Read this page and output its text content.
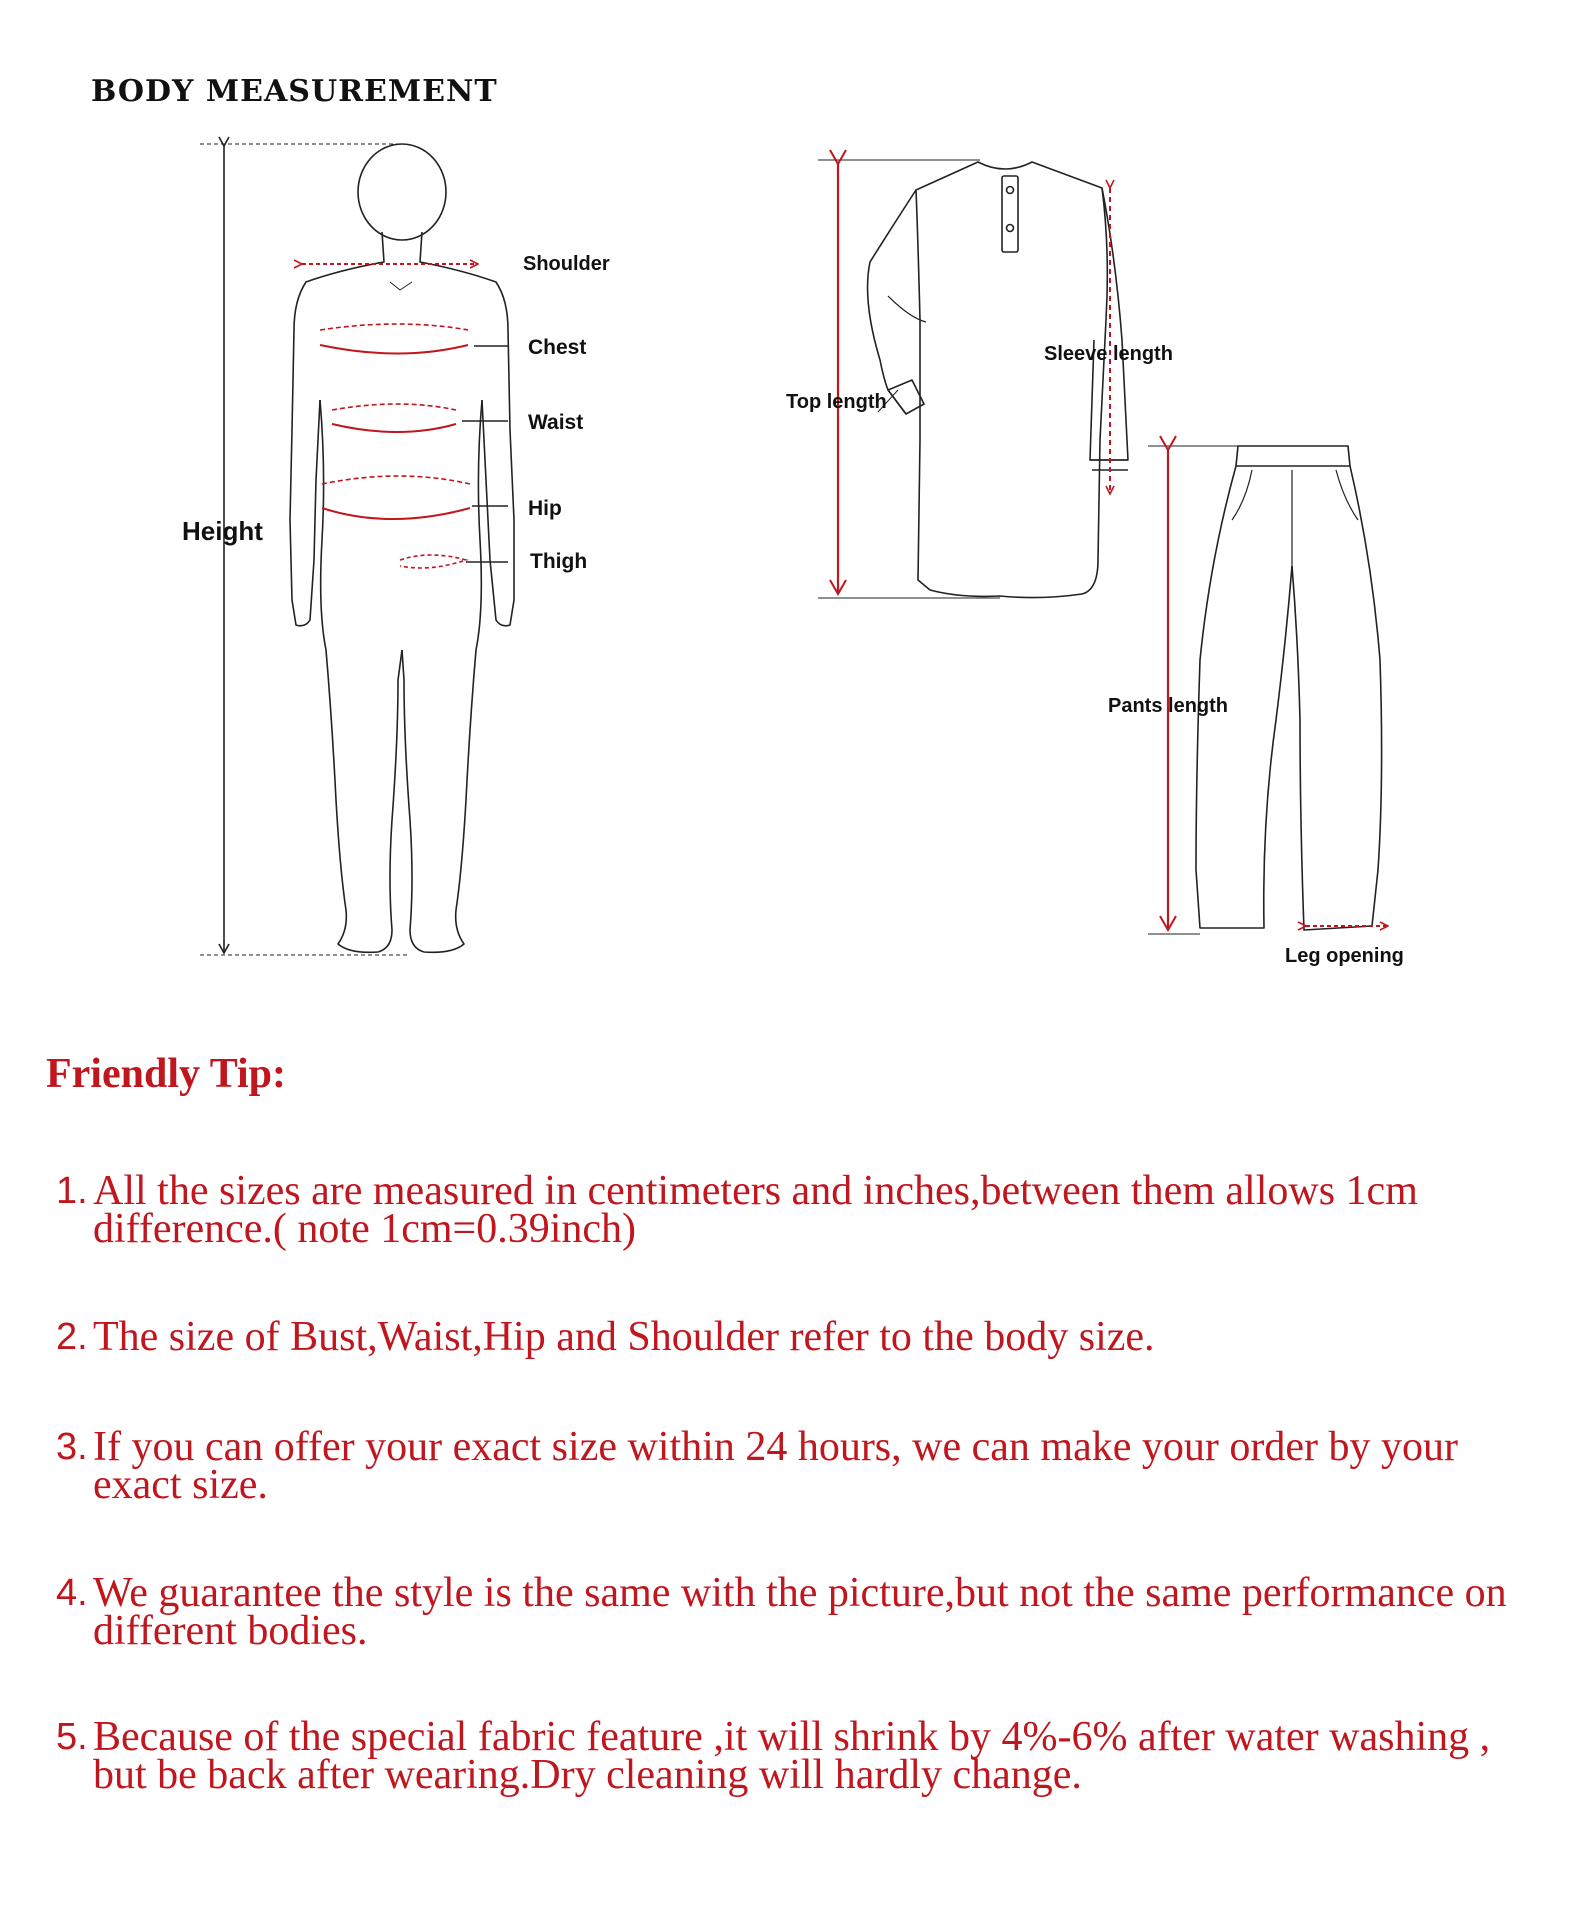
BODY MEASUREMENT
Shoulder
Chest
Waist
Hip
Thigh
Height
Top length
Sleeve length
Pants length
Leg opening
Friendly Tip:
1. All the sizes are measured in centimeters and inches,between them allows 1cm difference.( note 1cm=0.39inch)
2. The size of Bust,Waist,Hip and Shoulder refer to the body size.
3. If you can offer your exact size within 24 hours, we can make your order by your exact size.
4. We guarantee the style is the same with the picture,but not the same performance on different bodies.
5. Because of the special fabric feature ,it will shrink by 4%-6% after water washing , but be back after wearing.Dry cleaning will hardly change.
